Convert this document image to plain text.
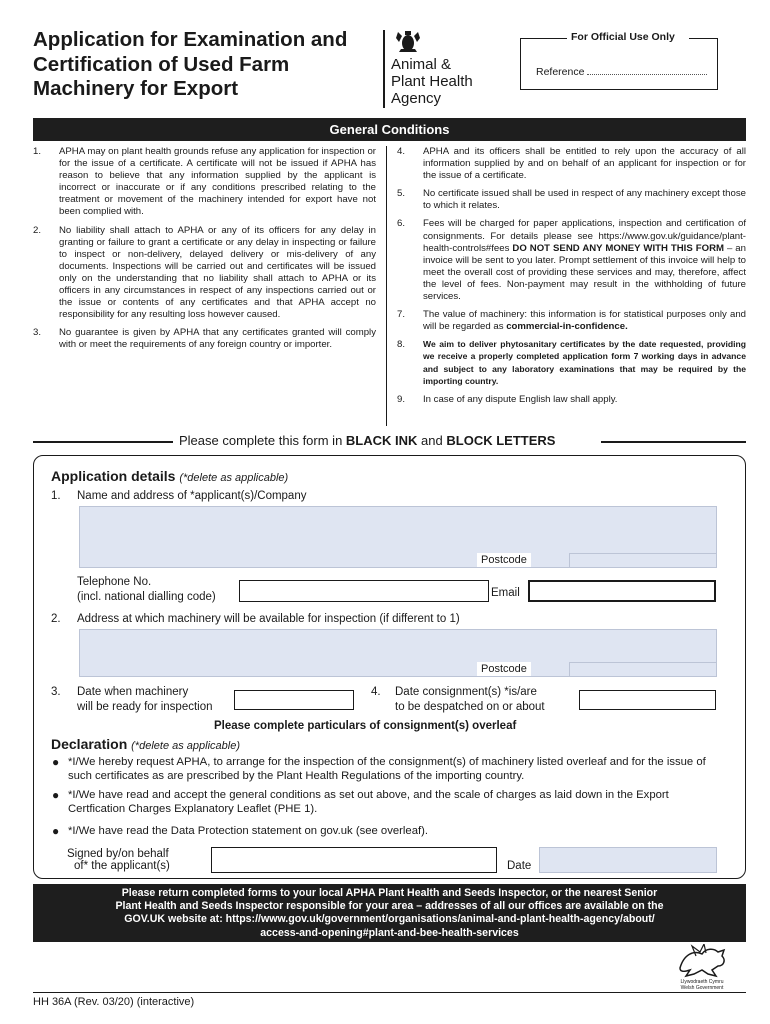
Application for Examination and Certification of Used Farm Machinery for Export
Animal &
Plant Health
Agency
For Official Use Only
Reference
General Conditions
1. APHA may on plant health grounds refuse any application for inspection or for the issue of a certificate. A certificate will not be issued if APHA has reason to believe that any information supplied by the applicant is incorrect or inaccurate or if any conditions prescribed relating to the treatment or movement of the machinery intended for export have not been complied with.
2. No liability shall attach to APHA or any of its officers for any delay in granting or failure to grant a certificate or any delay in inspecting or failure to inspect or non-delivery, delayed delivery or mis-delivery of any documents. Inspections will be carried out and certificates will be issued only on the understanding that no liability shall attach to APHA or its officers in any circumstances in respect of any inspections carried out or the issue or contents of any certificates and that APHA accept no responsibility for any resulting loss however caused.
3. No guarantee is given by APHA that any certificates granted will comply with or meet the requirements of any foreign country or importer.
4. APHA and its officers shall be entitled to rely upon the accuracy of all information supplied by and on behalf of an applicant for inspection or for the issue of a certificate.
5. No certificate issued shall be used in respect of any machinery except those to which it relates.
6. Fees will be charged for paper applications, inspection and certification of consignments. For details please see https://www.gov.uk/guidance/plant-health-controls#fees DO NOT SEND ANY MONEY WITH THIS FORM – an invoice will be sent to you later. Prompt settlement of this invoice will help to meet the overall cost of providing these services and may, therefore, affect the level of fees. Non-payment may result in the withholding of future services.
7. The value of machinery: this information is for statistical purposes only and will be regarded as commercial-in-confidence.
8. We aim to deliver phytosanitary certificates by the date requested, providing we receive a properly completed application form 7 working days in advance and subject to any laboratory examinations that may be required by the importing country.
9. In case of any dispute English law shall apply.
Please complete this form in BLACK INK and BLOCK LETTERS
Application details (*delete as applicable)
1. Name and address of *applicant(s)/Company
Postcode
Telephone No.
(incl. national dialling code)	Email
2. Address at which machinery will be available for inspection (if different to 1)
Postcode
3. Date when machinery
will be ready for inspection
4. Date consignment(s) *is/are
to be despatched on or about
Please complete particulars of consignment(s) overleaf
Declaration (*delete as applicable)
● *I/We hereby request APHA, to arrange for the inspection of the consignment(s) of machinery listed overleaf and for the issue of such certificates as are prescribed by the Plant Health Regulations of the importing country.
● *I/We have read and accept the general conditions as set out above, and the scale of charges as laid down in the Export Certfication Charges Explanatory Leaflet (PHE 1).
● *I/We have read the Data Protection statement on gov.uk (see overleaf).
Signed by/on behalf
of* the applicant(s)	Date
Please return completed forms to your local APHA Plant Health and Seeds Inspector, or the nearest Senior
Plant Health and Seeds Inspector responsible for your area – addresses of all our offices are available on the
GOV.UK website at: https://www.gov.uk/government/organisations/animal-and-plant-health-agency/about/
access-and-opening#plant-and-bee-health-services
Llywodraeth Cymru
Welsh Government
HH 36A (Rev. 03/20) (interactive)
